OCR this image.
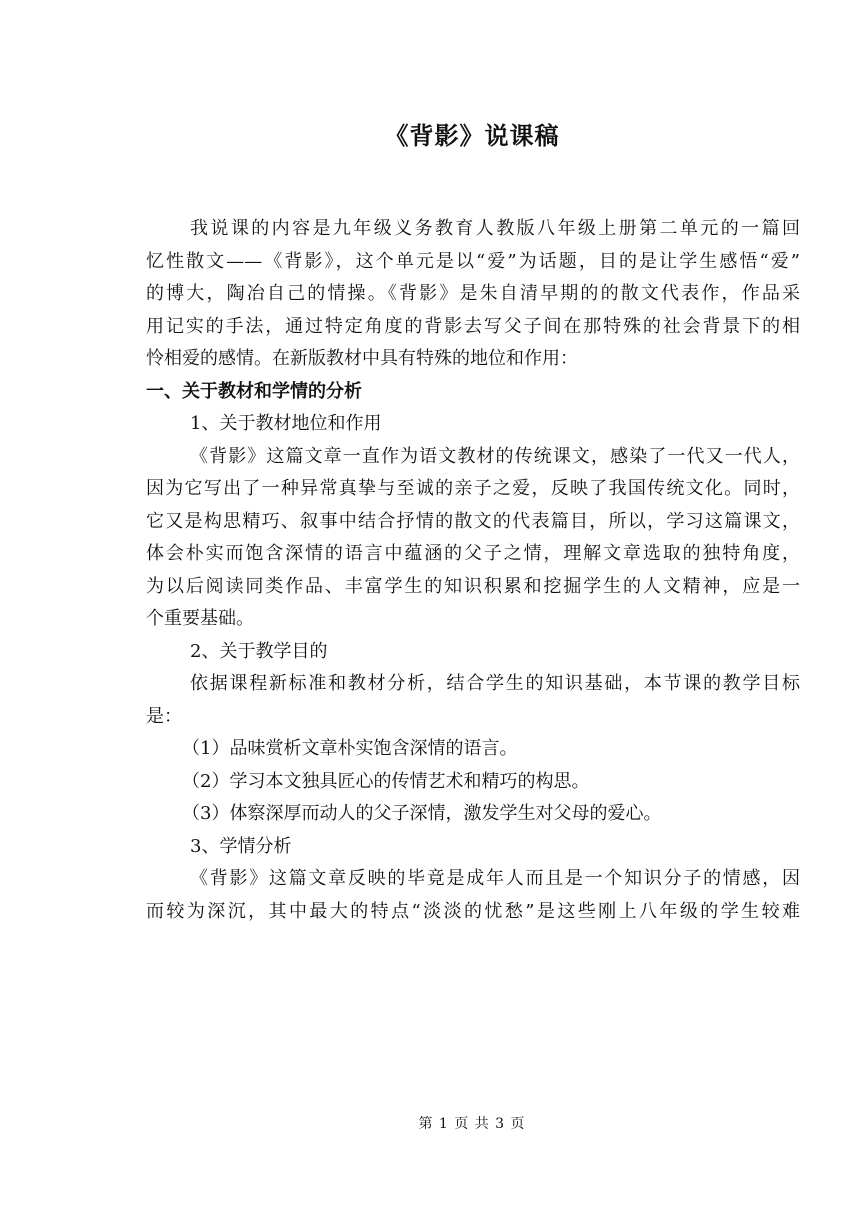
《背影》说课稿
我说课的内容是九年级义务教育人教版八年级上册第二单元的一篇回
忆性散文——《背影》，这个单元是以“爱”为话题，目的是让学生感悟“爱”
的博大，陶冶自己的情操。《背影》是朱自清早期的的散文代表作，作品采
用记实的手法，通过特定角度的背影去写父子间在那特殊的社会背景下的相
怜相爱的感情。在新版教材中具有特殊的地位和作用：
一、关于教材和学情的分析
1、关于教材地位和作用
《背影》这篇文章一直作为语文教材的传统课文，感染了一代又一代人，
因为它写出了一种异常真挚与至诚的亲子之爱，反映了我国传统文化。同时，
它又是构思精巧、叙事中结合抒情的散文的代表篇目，所以，学习这篇课文，
体会朴实而饱含深情的语言中蕴涵的父子之情，理解文章选取的独特角度，
为以后阅读同类作品、丰富学生的知识积累和挖掘学生的人文精神，应是一
个重要基础。
2、关于教学目的
依据课程新标准和教材分析，结合学生的知识基础，本节课的教学目标
是：
（1）品味赏析文章朴实饱含深情的语言。
（2）学习本文独具匠心的传情艺术和精巧的构思。
（3）体察深厚而动人的父子深情，激发学生对父母的爱心。
3、学情分析
《背影》这篇文章反映的毕竟是成年人而且是一个知识分子的情感，因
而较为深沉，其中最大的特点“淡淡的忧愁”是这些刚上八年级的学生较难
第 1 页 共 3 页
